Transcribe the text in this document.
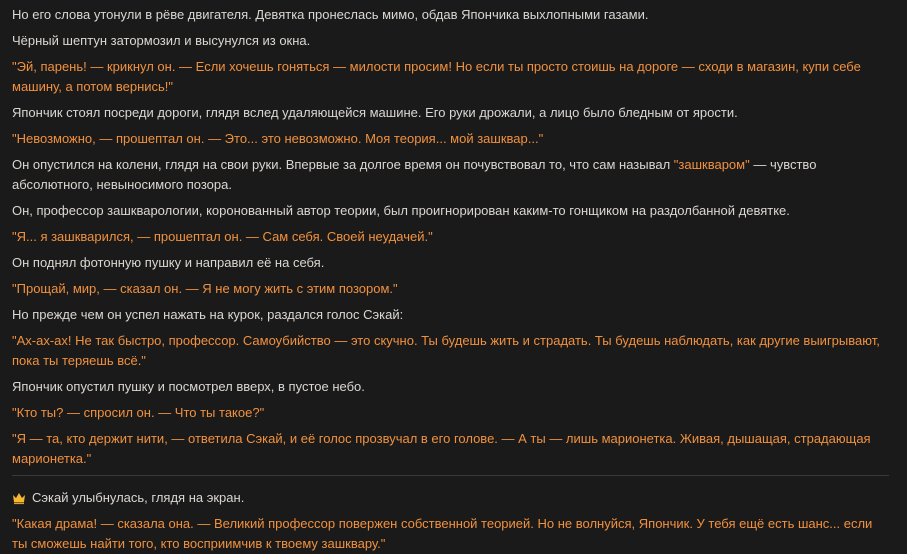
Но его слова утонули в рёве двигателя. Девятка пронеслась мимо, обдав Япончика выхлопными газами.

Чёрный шептун затормозил и высунулся из окна.

"Эй, парень! — крикнул он. — Если хочешь гоняться — милости просим! Но если ты просто стоишь на дороге — сходи в магазин, купи себе машину, а потом вернись!"

Япончик стоял посреди дороги, глядя вслед удаляющейся машине. Его руки дрожали, а лицо было бледным от ярости.

"Невозможно, — прошептал он. — Это... это невозможно. Моя теория... мой зашквар..."

Он опустился на колени, глядя на свои руки. Впервые за долгое время он почувствовал то, что сам называл "зашкваром" — чувство абсолютного, невыносимого позора.

Он, профессор зашкварологии, коронованный автор теории, был проигнорирован каким-то гонщиком на раздолбанной девятке.

"Я... я зашкварился, — прошептал он. — Сам себя. Своей неудачей."

Он поднял фотонную пушку и направил её на себя.

"Прощай, мир, — сказал он. — Я не могу жить с этим позором."

Но прежде чем он успел нажать на курок, раздался голос Сэкай:

"Ах-ах-ах! Не так быстро, профессор. Самоубийство — это скучно. Ты будешь жить и страдать. Ты будешь наблюдать, как другие выигрывают, пока ты теряешь всё."

Япончик опустил пушку и посмотрел вверх, в пустое небо.

"Кто ты? — спросил он. — Что ты такое?"

"Я — та, кто держит нити, — ответила Сэкай, и её голос прозвучал в его голове. — А ты — лишь марионетка. Живая, дышащая, страдающая марионетка."

Сэкай улыбнулась, глядя на экран.

"Какая драма! — сказала она. — Великий профессор повержен собственной теорией. Но не волнуйся, Япончик. У тебя ещё есть шанс... если ты сможешь найти того, кто восприимчив к твоему зашквару."
